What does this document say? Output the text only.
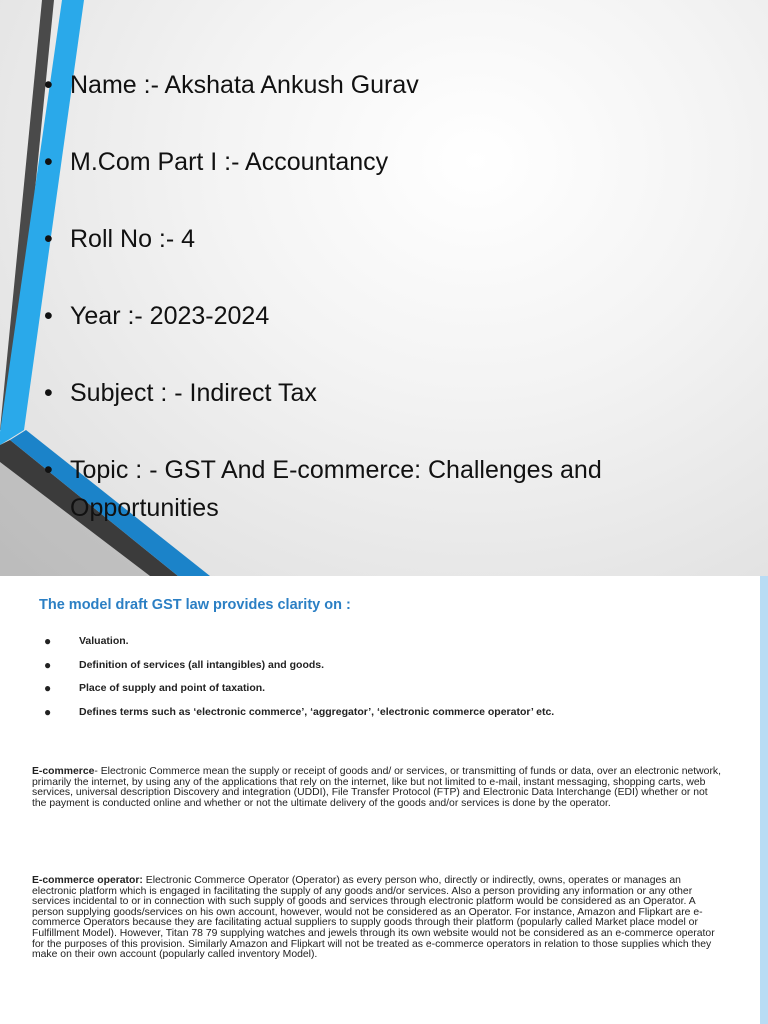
• Name :- Akshata Ankush Gurav
• M.Com Part I :- Accountancy
• Roll No :- 4
• Year :- 2023-2024
• Subject : - Indirect Tax
• Topic : - GST And E-commerce: Challenges and Opportunities

The model draft GST law provides clarity on :

●	Valuation.
●	Definition of services (all intangibles) and goods.
●	Place of supply and point of taxation.
●	Defines terms such as ‘electronic commerce’, ‘aggregator’, ‘electronic commerce operator’ etc.

E-commerce- Electronic Commerce mean the supply or receipt of goods and/ or services, or transmitting of funds or data, over an electronic network, primarily the internet, by using any of the applications that rely on the internet, like but not limited to e-mail, instant messaging, shopping carts, web services, universal description Discovery and integration (UDDI), File Transfer Protocol (FTP) and Electronic Data Interchange (EDI) whether or not the payment is conducted online and whether or not the ultimate delivery of the goods and/or services is done by the operator.

E-commerce operator: Electronic Commerce Operator (Operator) as every person who, directly or indirectly, owns, operates or manages an electronic platform which is engaged in facilitating the supply of any goods and/or services. Also a person providing any information or any other services incidental to or in connection with such supply of goods and services through electronic platform would be considered as an Operator. A person supplying goods/services on his own account, however, would not be considered as an Operator. For instance, Amazon and Flipkart are e-commerce Operators because they are facilitating actual suppliers to supply goods through their platform (popularly called Market place model or Fulfillment Model). However, Titan 78 79 supplying watches and jewels through its own website would not be considered as an e-commerce operator for the purposes of this provision. Similarly Amazon and Flipkart will not be treated as e-commerce operators in relation to those supplies which they make on their own account (popularly called inventory Model).
